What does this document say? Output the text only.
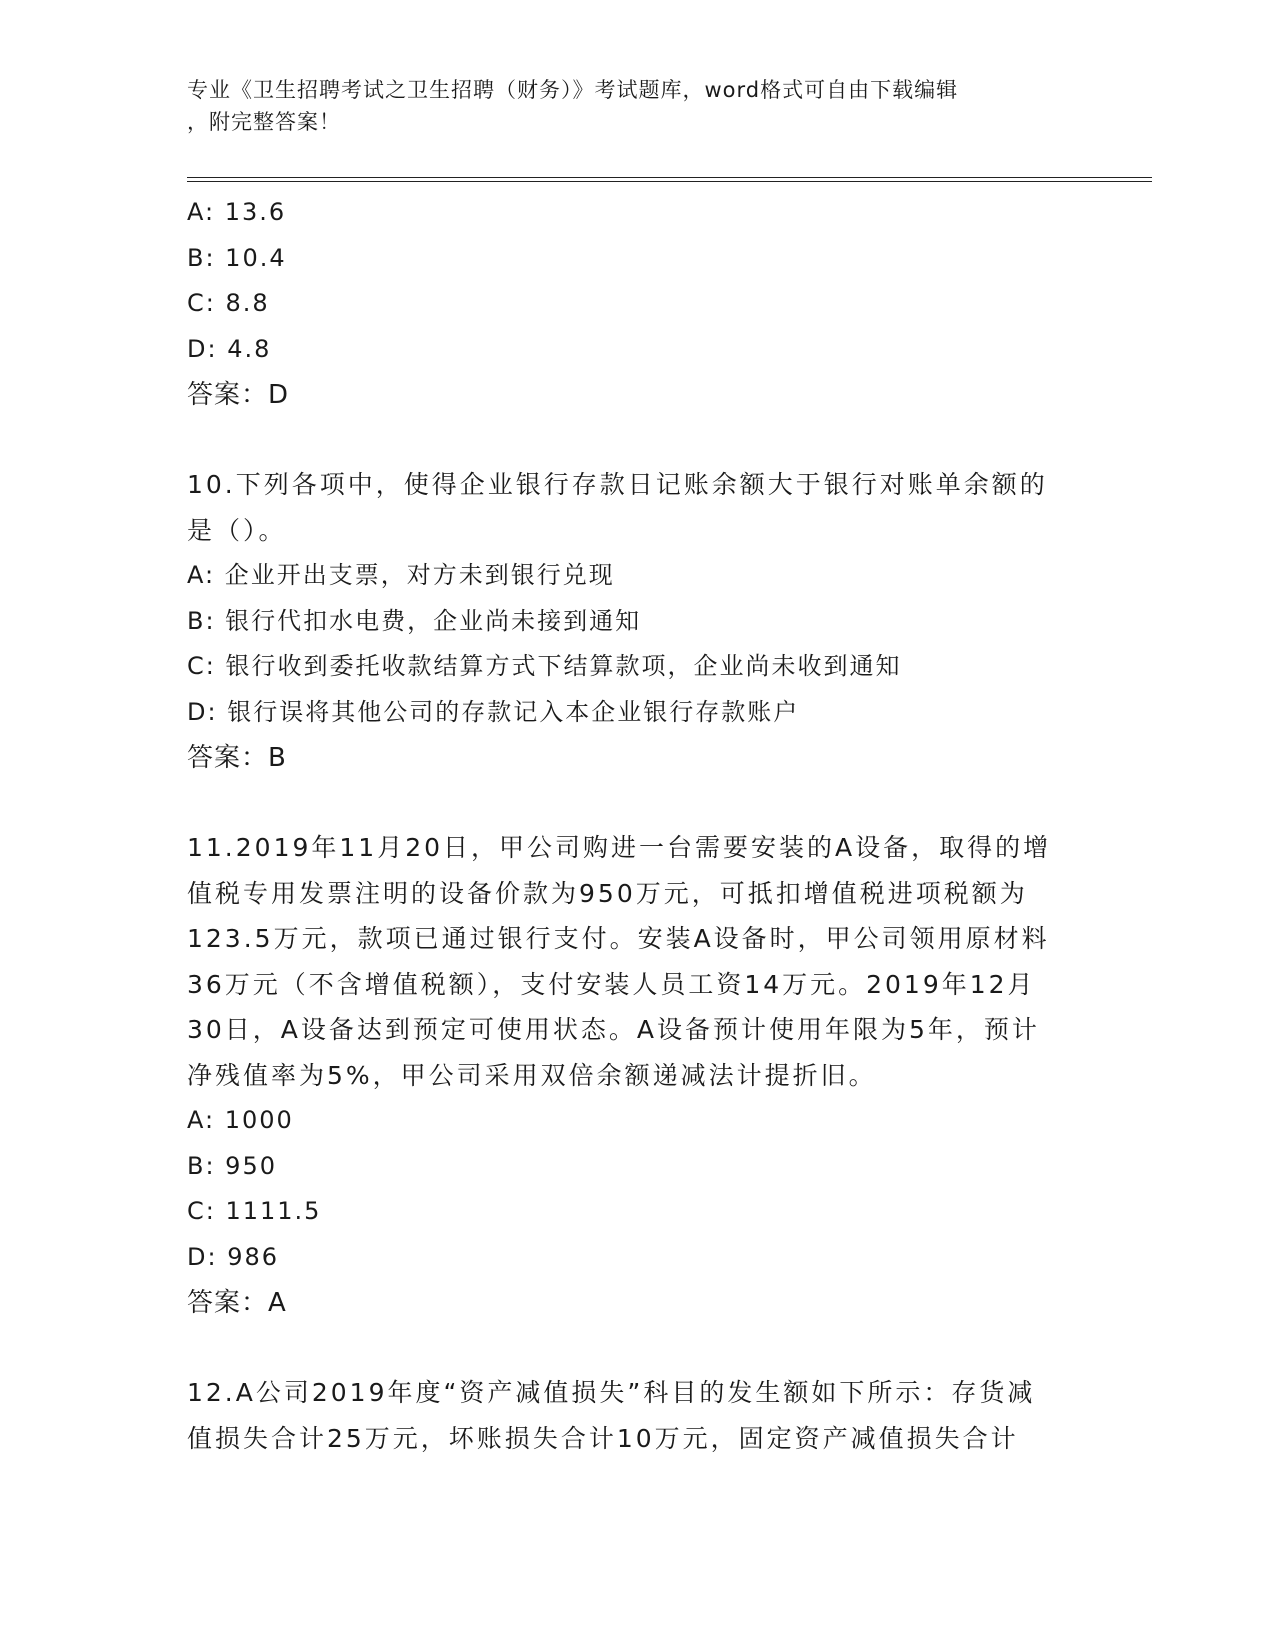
专业《卫生招聘考试之卫生招聘（财务）》考试题库，word格式可自由下载编辑
，附完整答案！

A: 13.6

B: 10.4

C: 8.8

D: 4.8

答案：D

10.下列各项中，使得企业银行存款日记账余额大于银行对账单余额的

是（）。

A: 企业开出支票，对方未到银行兑现

B: 银行代扣水电费，企业尚未接到通知

C: 银行收到委托收款结算方式下结算款项，企业尚未收到通知

D: 银行误将其他公司的存款记入本企业银行存款账户

答案：B

11.2019年11月20日，甲公司购进一台需要安装的A设备，取得的增

值税专用发票注明的设备价款为950万元，可抵扣增值税进项税额为

123.5万元，款项已通过银行支付。安装A设备时，甲公司领用原材料

36万元（不含增值税额），支付安装人员工资14万元。2019年12月

30日，A设备达到预定可使用状态。A设备预计使用年限为5年，预计

净残值率为5%，甲公司采用双倍余额递减法计提折旧。

A: 1000

B: 950

C: 1111.5

D: 986

答案：A

12.A公司2019年度“资产减值损失”科目的发生额如下所示：存货减

值损失合计25万元，坏账损失合计10万元，固定资产减值损失合计
